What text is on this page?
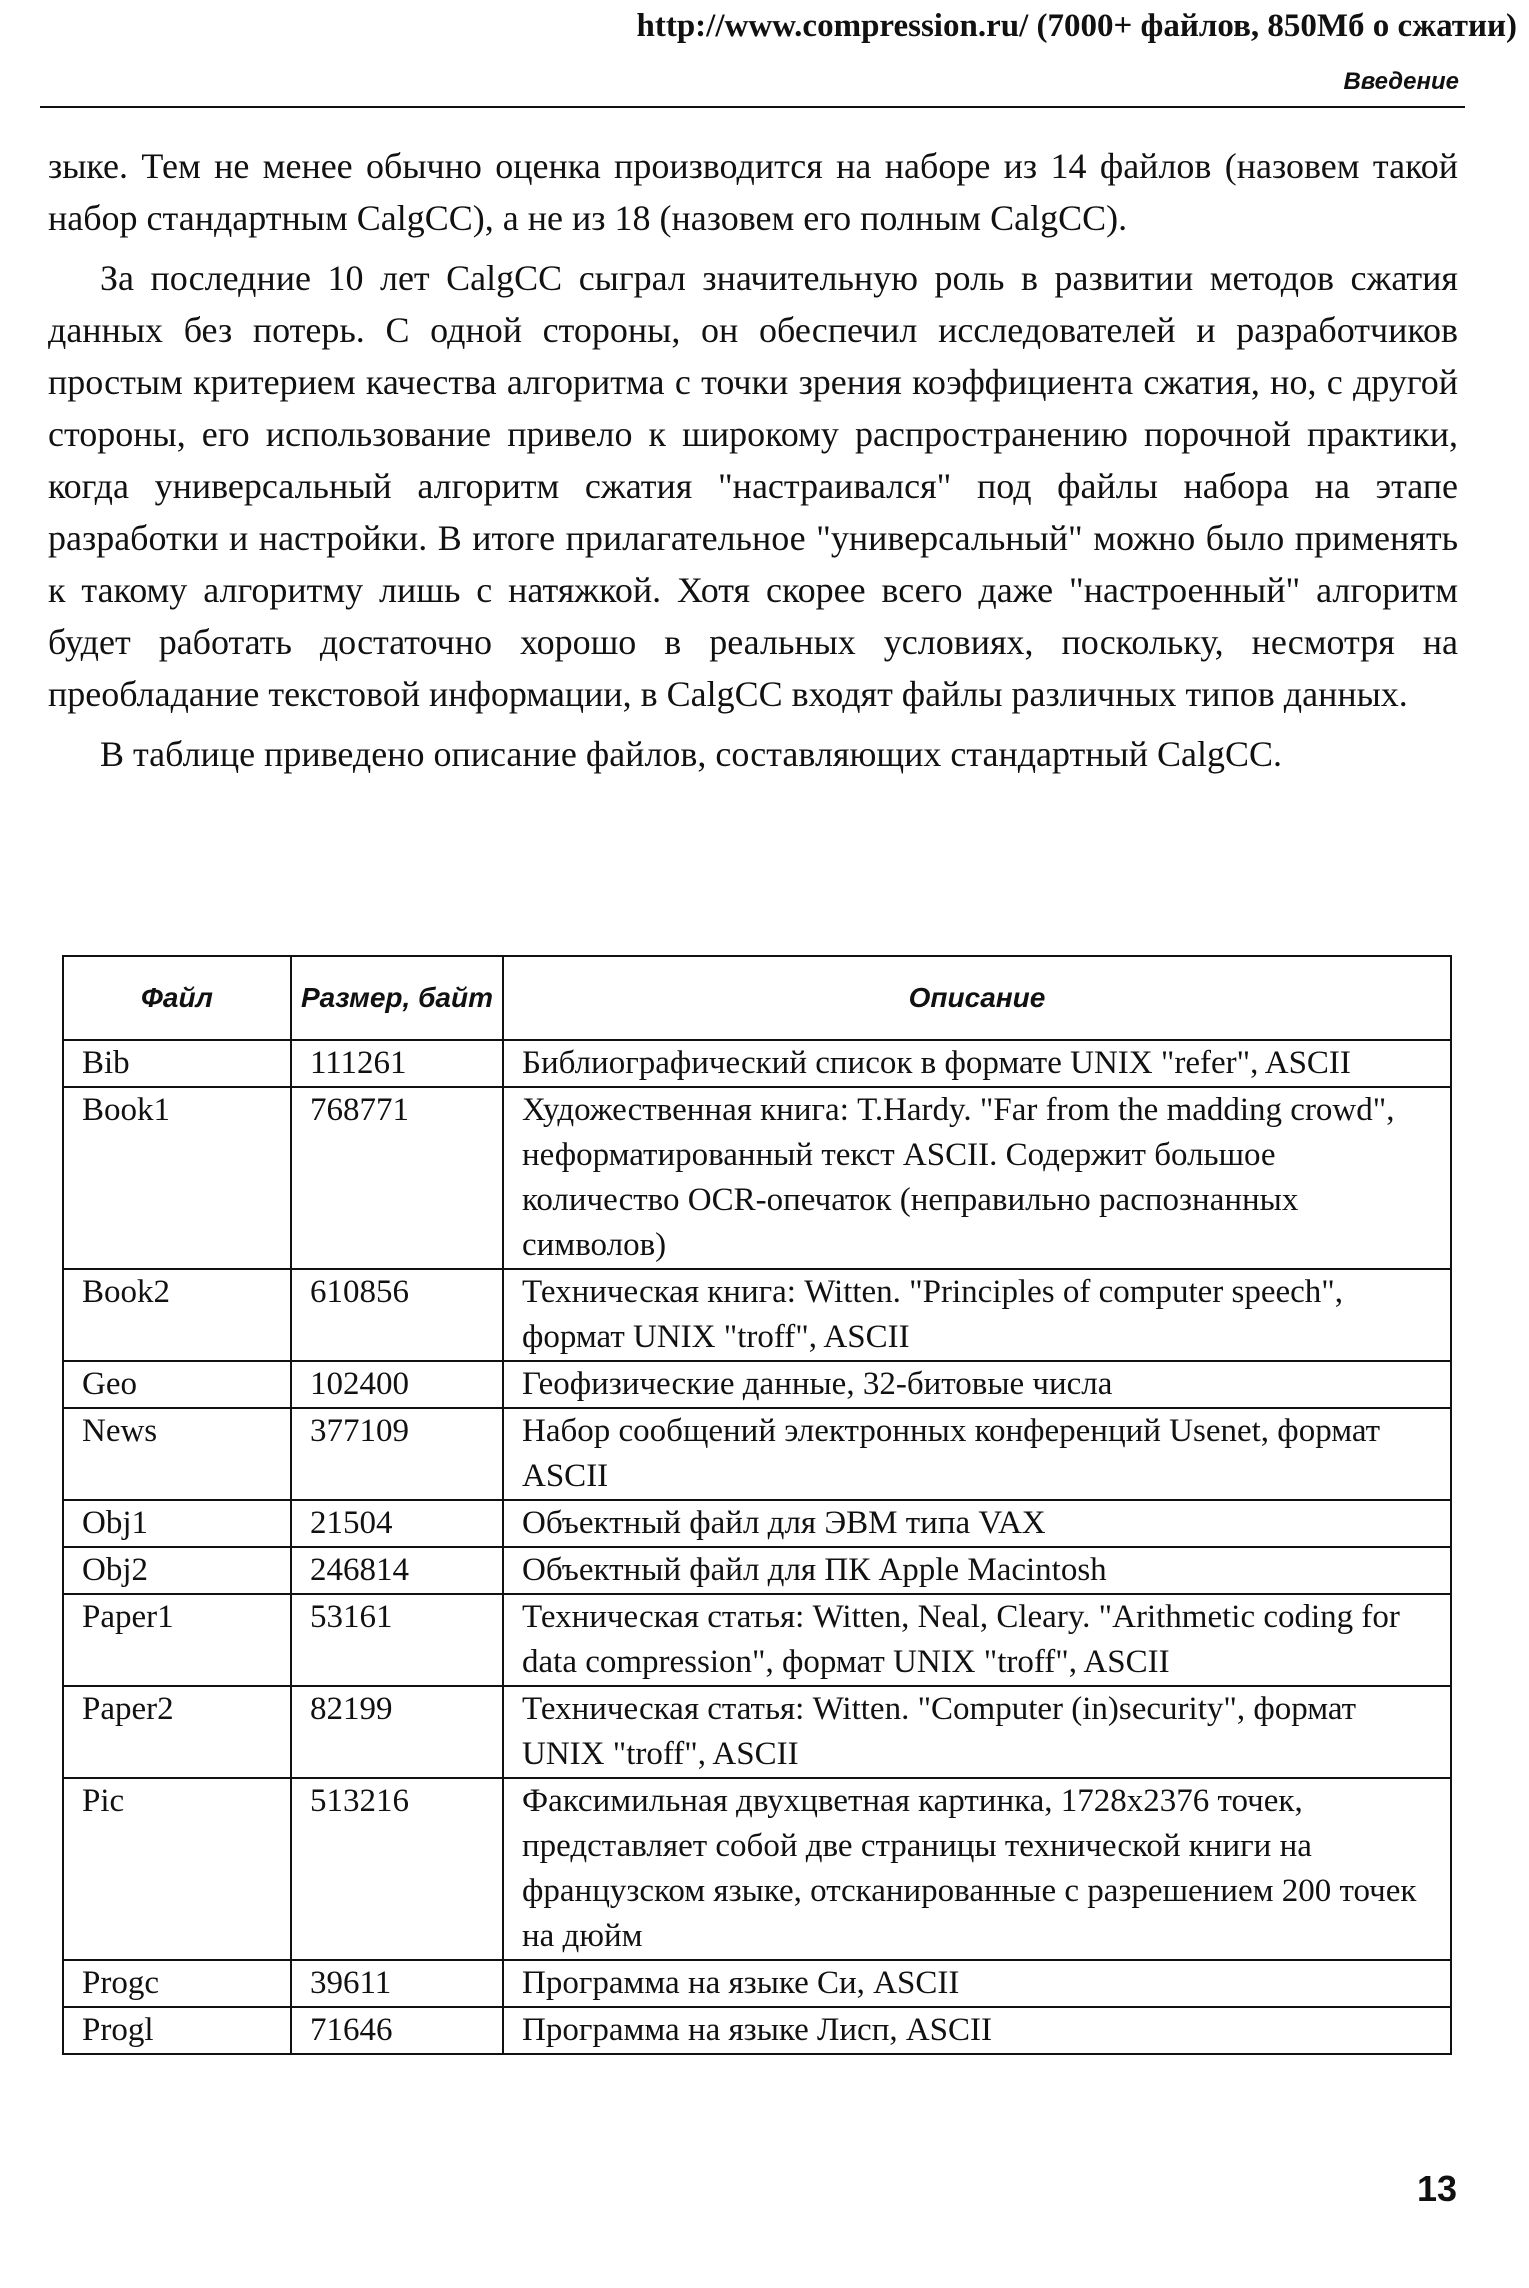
http://www.compression.ru/ (7000+ файлов, 850Мб о сжатии)
Введение

зыке. Тем не менее обычно оценка производится на наборе из 14 файлов (назовем такой набор стандартным CalgCC), а не из 18 (назовем его полным CalgCC).

За последние 10 лет CalgCC сыграл значительную роль в развитии методов сжатия данных без потерь. С одной стороны, он обеспечил исследователей и разработчиков простым критерием качества алгоритма с точки зрения коэффициента сжатия, но, с другой стороны, его использование привело к широкому распространению порочной практики, когда универсальный алгоритм сжатия "настраивался" под файлы набора на этапе разработки и настройки. В итоге прилагательное "универсальный" можно было применять к такому алгоритму лишь с натяжкой. Хотя скорее всего даже "настроенный" алгоритм будет работать достаточно хорошо в реальных условиях, поскольку, несмотря на преобладание текстовой информации, в CalgCC входят файлы различных типов данных.

В таблице приведено описание файлов, составляющих стандартный CalgCC.

Файл	Размер, байт	Описание
Bib	111261	Библиографический список в формате UNIX "refer", ASCII
Book1	768771	Художественная книга: T.Hardy. "Far from the madding crowd", неформатированный текст ASCII. Содержит большое количество OCR-опечаток (неправильно распознанных символов)
Book2	610856	Техническая книга: Witten. "Principles of computer speech", формат UNIX "troff", ASCII
Geo	102400	Геофизические данные, 32-битовые числа
News	377109	Набор сообщений электронных конференций Usenet, формат ASCII
Obj1	21504	Объектный файл для ЭВМ типа VAX
Obj2	246814	Объектный файл для ПК Apple Macintosh
Paper1	53161	Техническая статья: Witten, Neal, Cleary. "Arithmetic coding for data compression", формат UNIX "troff", ASCII
Paper2	82199	Техническая статья: Witten. "Computer (in)security", формат UNIX "troff", ASCII
Pic	513216	Факсимильная двухцветная картинка, 1728x2376 точек, представляет собой две страницы технической книги на французском языке, отсканированные с разрешением 200 точек на дюйм
Progc	39611	Программа на языке Си, ASCII
Progl	71646	Программа на языке Лисп, ASCII
13
